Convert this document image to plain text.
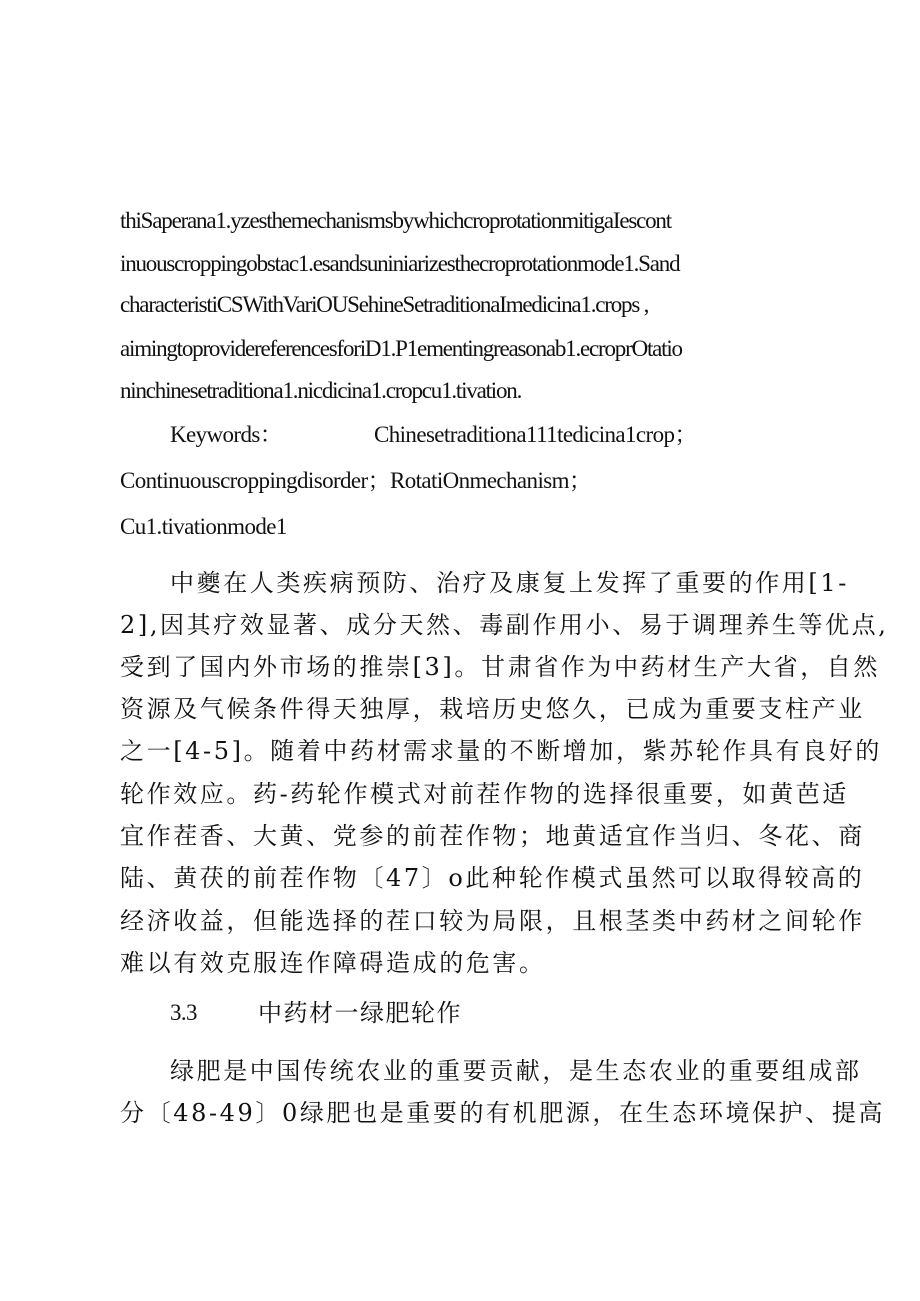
thiSaperana1.yzesthemechanismsbywhichcroprotationmitigaIescont
inuouscroppingobstac1.esandsuniniarizesthecroprotationmode1.Sand
characteristiCSWithVariOUSehineSetraditionaImedicina1.crops ,
aimingtoprovidereferencesforiD1.P1ementingreasonab1.ecroprOtatio
ninchinesetraditiona1.nicdicina1.cropcu1.tivation.
Keywords：	Chinesetraditiona111tedicina1crop；
Continuouscroppingdisorder；RotatiOnmechanism；
Cu1.tivationmode1
中夔在人类疾病预防、治疗及康复上发挥了重要的作用[1-
2],因其疗效显著、成分天然、毒副作用小、易于调理养生等优点,
受到了国内外市场的推崇[3]。甘肃省作为中药材生产大省，自然
资源及气候条件得天独厚，栽培历史悠久，已成为重要支柱产业
之一[4-5]。随着中药材需求量的不断增加，紫苏轮作具有良好的
轮作效应。药-药轮作模式对前茬作物的选择很重要，如黄芭适
宜作茬香、大黄、党参的前茬作物；地黄适宜作当归、冬花、商
陆、黄茯的前茬作物〔47〕o此种轮作模式虽然可以取得较高的
经济收益，但能选择的茬口较为局限，且根茎类中药材之间轮作
难以有效克服连作障碍造成的危害。
3.3	中药材一绿肥轮作
绿肥是中国传统农业的重要贡献，是生态农业的重要组成部
分〔48-49〕0绿肥也是重要的有机肥源，在生态环境保护、提高
